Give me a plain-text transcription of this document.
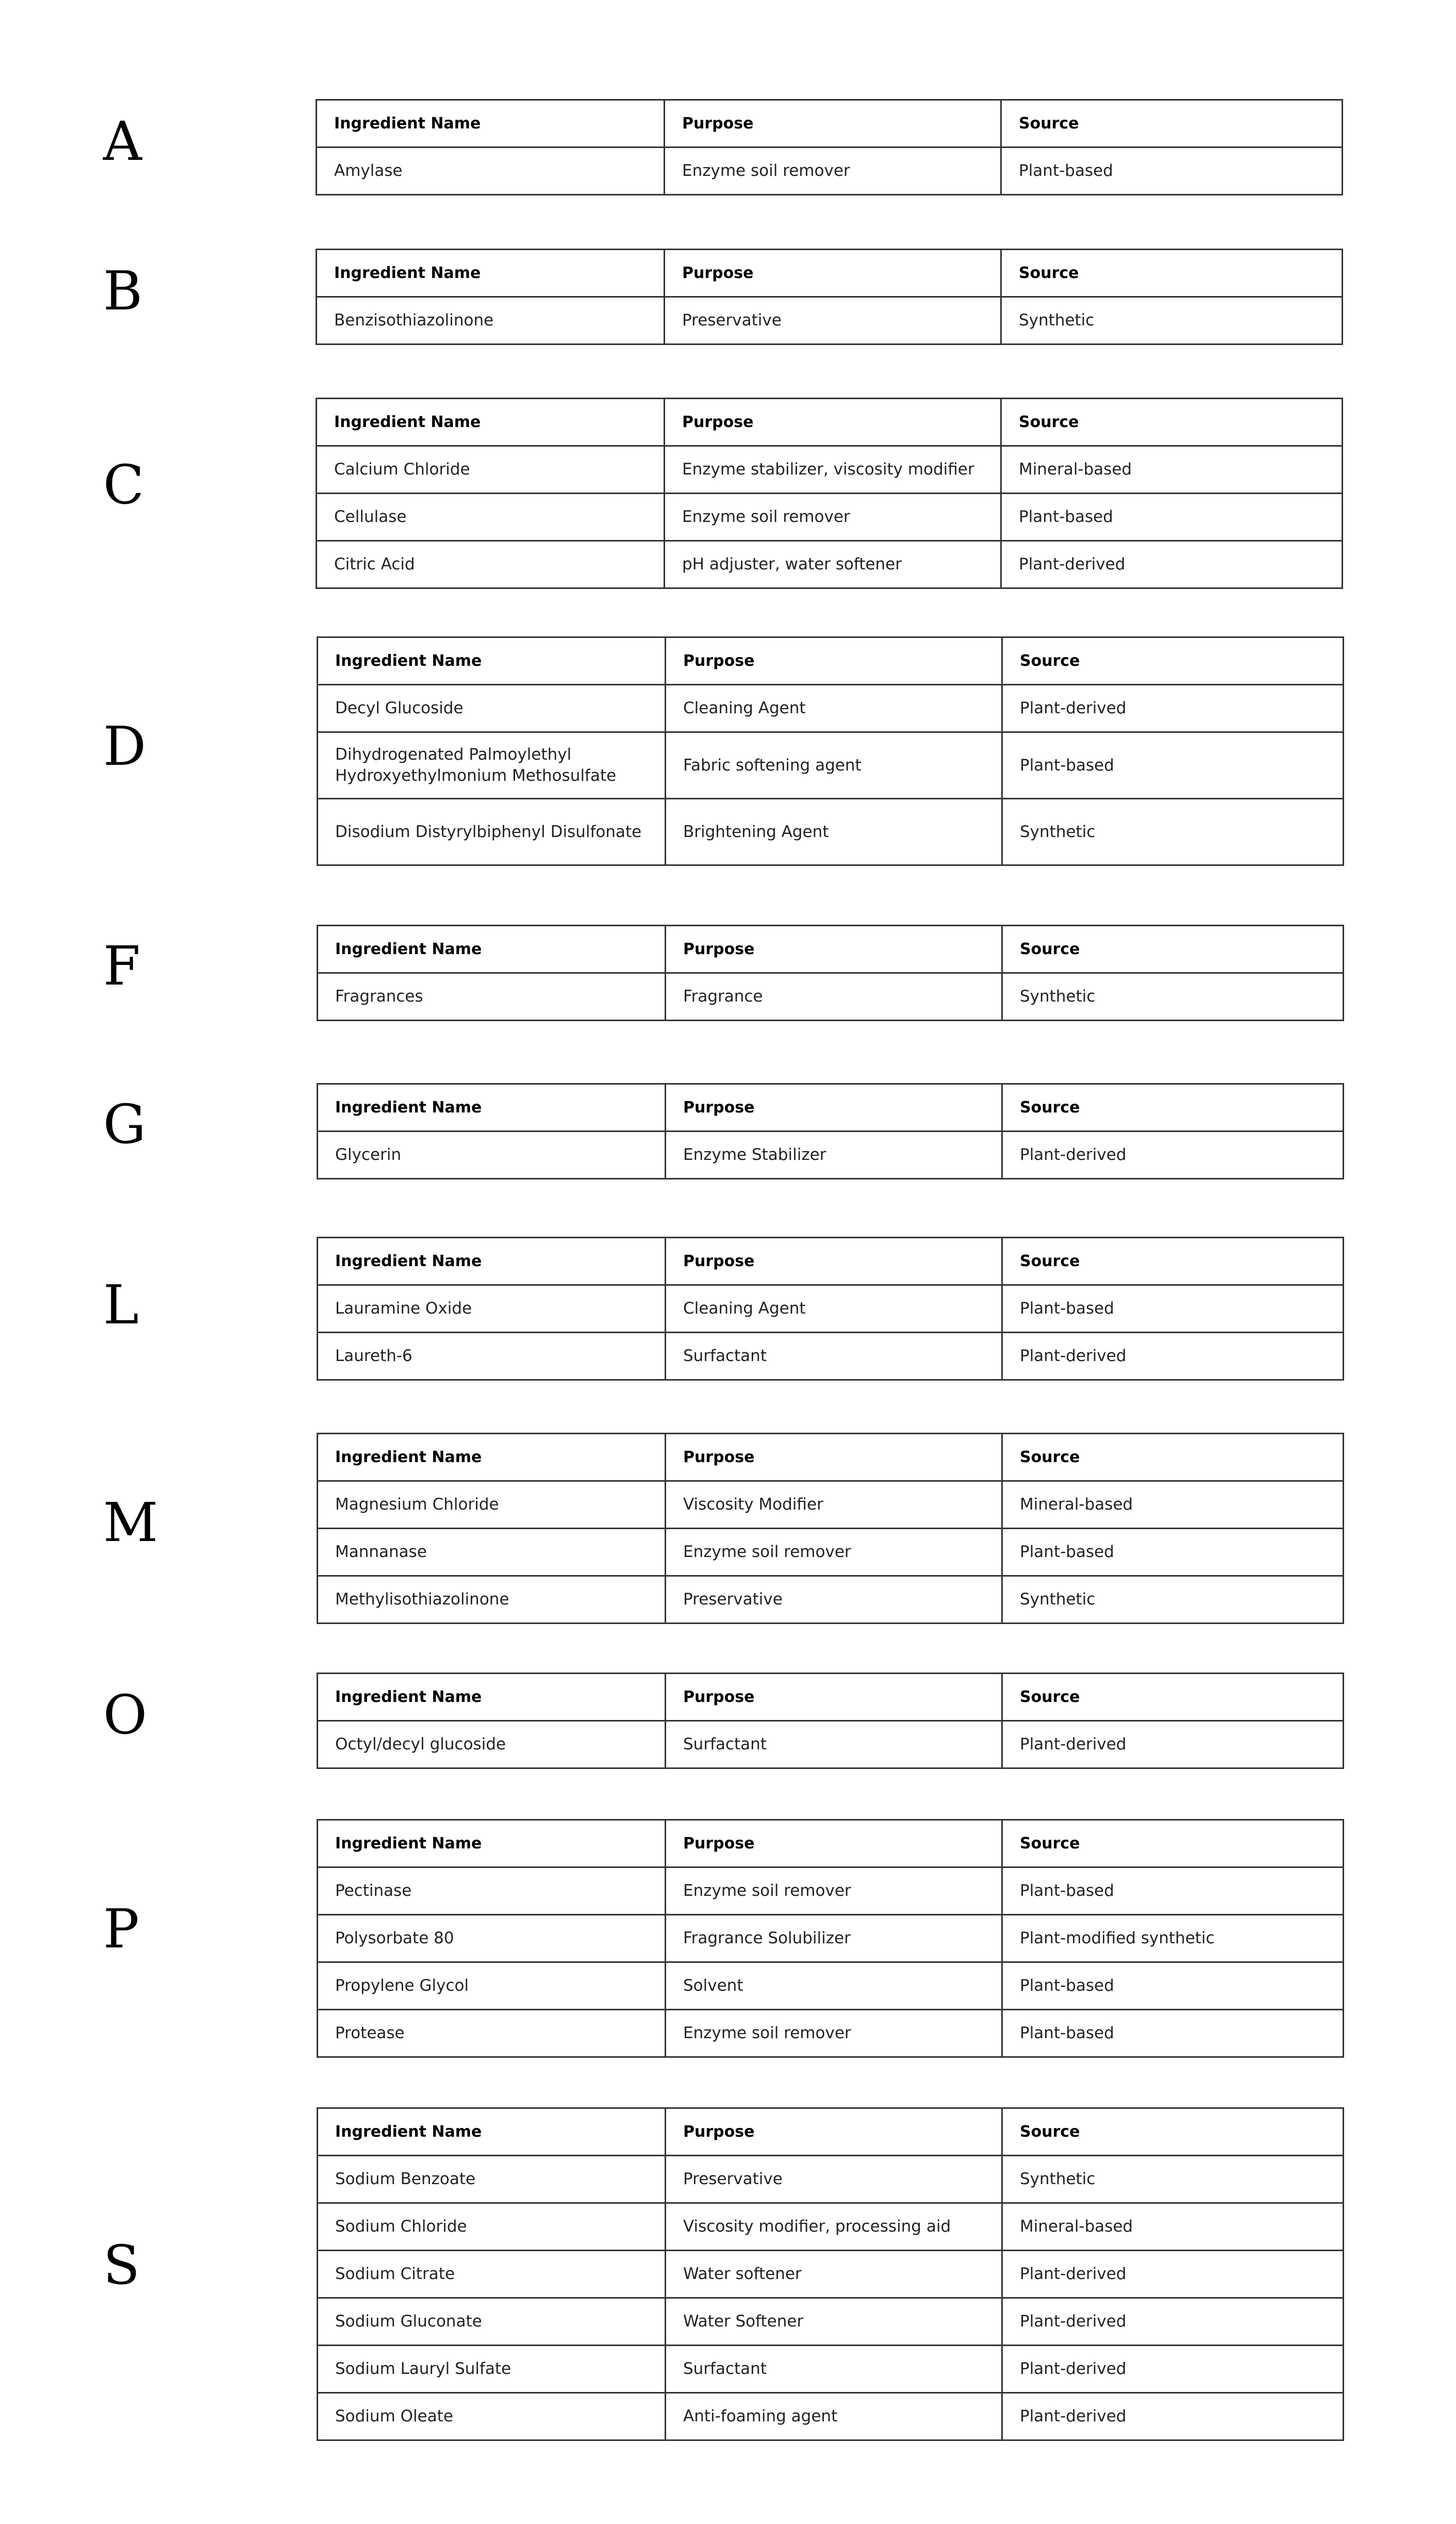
A	Ingredient Name	Purpose	Source
Amylase	Enzyme soil remover	Plant-based
B	Ingredient Name	Purpose	Source
Benzisothiazolinone	Preservative	Synthetic
C
Ingredient Name	Purpose	Source
Calcium Chloride	Enzyme stabilizer, viscosity modifier	Mineral-based
Cellulase	Enzyme soil remover	Plant-based
Citric Acid	pH adjuster, water softener	Plant-derived
D
Ingredient Name	Purpose	Source
Decyl Glucoside	Cleaning Agent	Plant-derived
Dihydrogenated Palmoylethyl Hydroxyethylmonium Methosulfate	Fabric softening agent	Plant-based
Disodium Distyrylbiphenyl Disulfonate	Brightening Agent	Synthetic
F	Ingredient Name	Purpose	Source
Fragrances	Fragrance	Synthetic
G	Ingredient Name	Purpose	Source
Glycerin	Enzyme Stabilizer	Plant-derived
L
Ingredient Name	Purpose	Source
Lauramine Oxide	Cleaning Agent	Plant-based
Laureth-6	Surfactant	Plant-derived
M
Ingredient Name	Purpose	Source
Magnesium Chloride	Viscosity Modifier	Mineral-based
Mannanase	Enzyme soil remover	Plant-based
Methylisothiazolinone	Preservative	Synthetic
O	Ingredient Name	Purpose	Source
Octyl/decyl glucoside	Surfactant	Plant-derived
P
Ingredient Name	Purpose	Source
Pectinase	Enzyme soil remover	Plant-based
Polysorbate 80	Fragrance Solubilizer	Plant-modified synthetic
Propylene Glycol	Solvent	Plant-based
Protease	Enzyme soil remover	Plant-based
S
Ingredient Name	Purpose	Source
Sodium Benzoate	Preservative	Synthetic
Sodium Chloride	Viscosity modifier, processing aid	Mineral-based
Sodium Citrate	Water softener	Plant-derived
Sodium Gluconate	Water Softener	Plant-derived
Sodium Lauryl Sulfate	Surfactant	Plant-derived
Sodium Oleate	Anti-foaming agent	Plant-derived
